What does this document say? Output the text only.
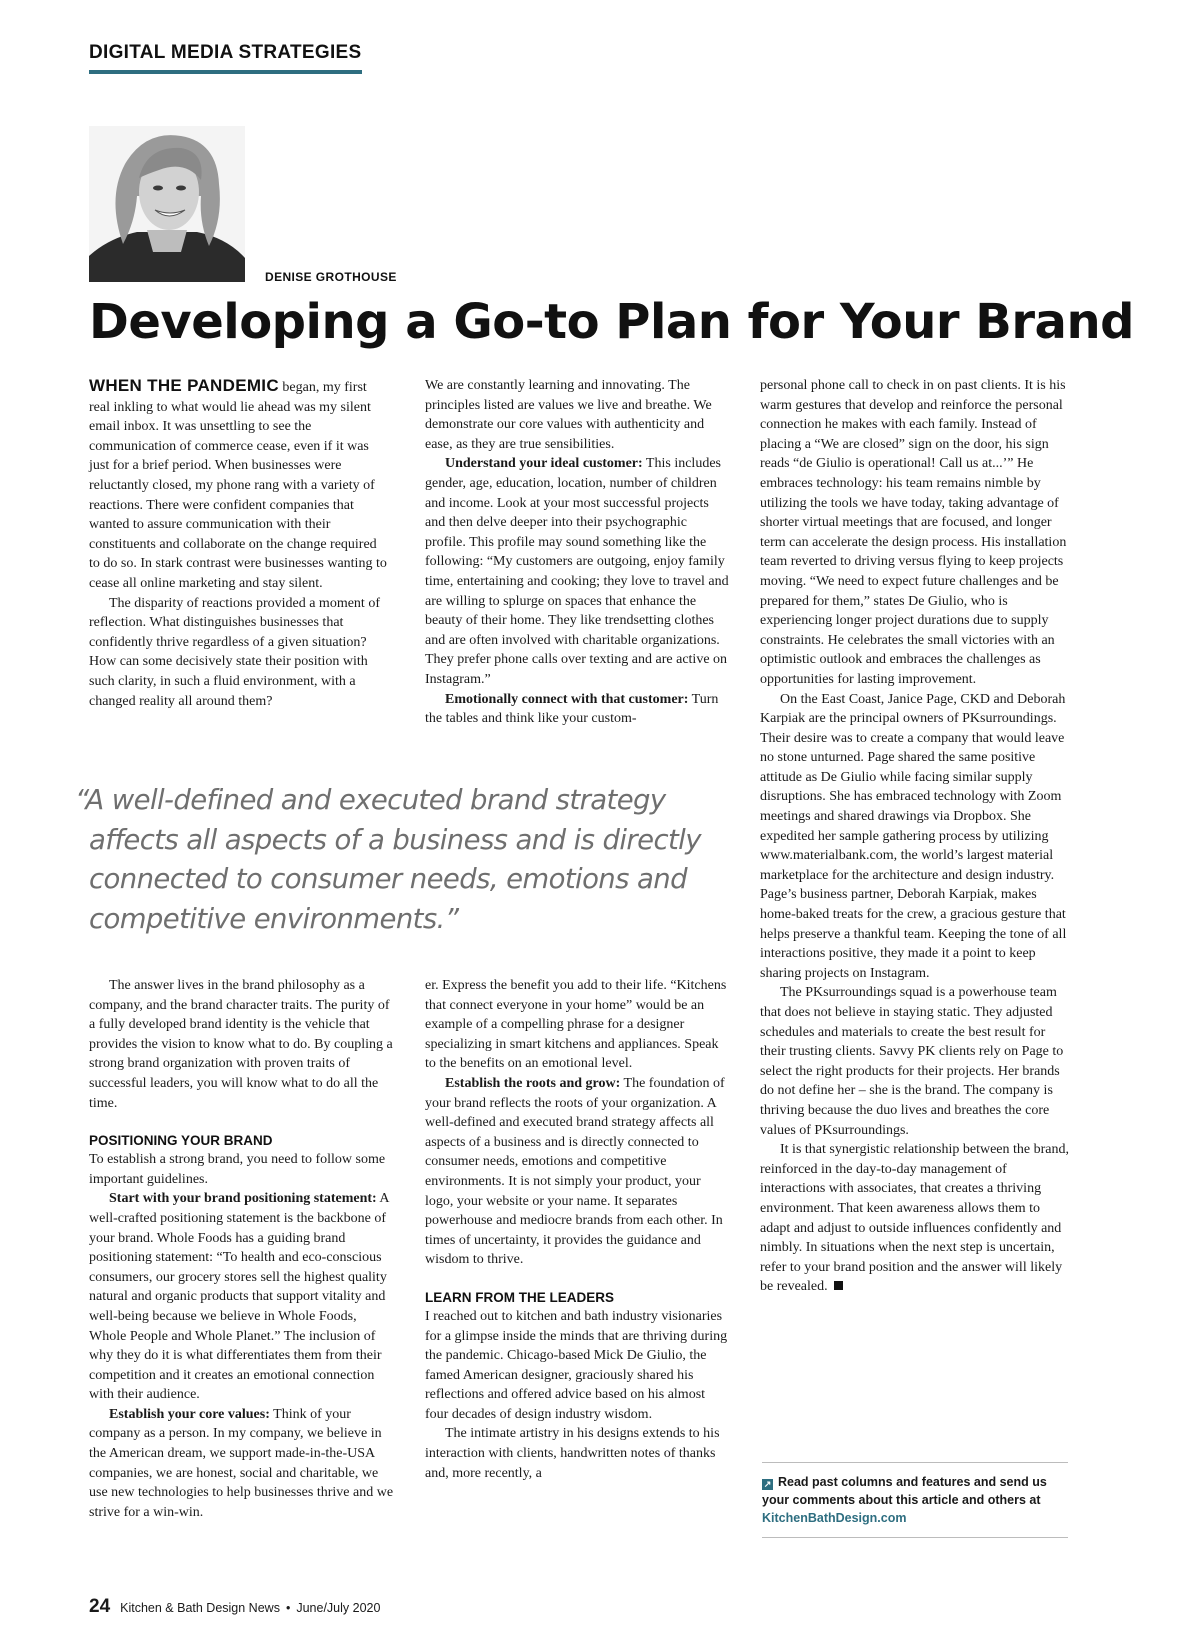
DIGITAL MEDIA STRATEGIES
DENISE GROTHOUSE
Developing a Go-to Plan for Your Brand

WHEN THE PANDEMIC began, my first real inkling to what would lie ahead was my silent email inbox. It was unsettling to see the communication of commerce cease, even if it was just for a brief period. When businesses were reluctantly closed, my phone rang with a variety of reactions. There were confident companies that wanted to assure communication with their constituents and collaborate on the change required to do so. In stark contrast were businesses wanting to cease all online marketing and stay silent.

The disparity of reactions provided a moment of reflection. What distinguishes businesses that confidently thrive regardless of a given situation? How can some decisively state their position with such clarity, in such a fluid environment, with a changed reality all around them?

We are constantly learning and innovating. The principles listed are values we live and breathe. We demonstrate our core values with authenticity and ease, as they are true sensibilities.

Understand your ideal customer: This includes gender, age, education, location, number of children and income. Look at your most successful projects and then delve deeper into their psychographic profile. This profile may sound something like the following: “My customers are outgoing, enjoy family time, entertaining and cooking; they love to travel and are willing to splurge on spaces that enhance the beauty of their home. They like trendsetting clothes and are often involved with charitable organizations. They prefer phone calls over texting and are active on Instagram.”

Emotionally connect with that customer: Turn the tables and think like your custom-

“A well-defined and executed brand strategy affects all aspects of a business and is directly connected to consumer needs, emotions and competitive environments.”

The answer lives in the brand philosophy as a company, and the brand character traits. The purity of a fully developed brand identity is the vehicle that provides the vision to know what to do. By coupling a strong brand organization with proven traits of successful leaders, you will know what to do all the time.

POSITIONING YOUR BRAND

To establish a strong brand, you need to follow some important guidelines.

Start with your brand positioning statement: A well-crafted positioning statement is the backbone of your brand. Whole Foods has a guiding brand positioning statement: “To health and eco-conscious consumers, our grocery stores sell the highest quality natural and organic products that support vitality and well-being because we believe in Whole Foods, Whole People and Whole Planet.” The inclusion of why they do it is what differentiates them from their competition and it creates an emotional connection with their audience.

Establish your core values: Think of your company as a person. In my company, we believe in the American dream, we support made-in-the-USA companies, we are honest, social and charitable, we use new technologies to help businesses thrive and we strive for a win-win.

er. Express the benefit you add to their life. “Kitchens that connect everyone in your home” would be an example of a compelling phrase for a designer specializing in smart kitchens and appliances. Speak to the benefits on an emotional level.

Establish the roots and grow: The foundation of your brand reflects the roots of your organization. A well-defined and executed brand strategy affects all aspects of a business and is directly connected to consumer needs, emotions and competitive environments. It is not simply your product, your logo, your website or your name. It separates powerhouse and mediocre brands from each other. In times of uncertainty, it provides the guidance and wisdom to thrive.

LEARN FROM THE LEADERS

I reached out to kitchen and bath industry visionaries for a glimpse inside the minds that are thriving during the pandemic. Chicago-based Mick De Giulio, the famed American designer, graciously shared his reflections and offered advice based on his almost four decades of design industry wisdom.

The intimate artistry in his designs extends to his interaction with clients, handwritten notes of thanks and, more recently, a

personal phone call to check in on past clients. It is his warm gestures that develop and reinforce the personal connection he makes with each family. Instead of placing a “We are closed” sign on the door, his sign reads “de Giulio is operational! Call us at...’” He embraces technology: his team remains nimble by utilizing the tools we have today, taking advantage of shorter virtual meetings that are focused, and longer term can accelerate the design process. His installation team reverted to driving versus flying to keep projects moving. “We need to expect future challenges and be prepared for them,” states De Giulio, who is experiencing longer project durations due to supply constraints. He celebrates the small victories with an optimistic outlook and embraces the challenges as opportunities for lasting improvement.

On the East Coast, Janice Page, CKD and Deborah Karpiak are the principal owners of PKsurroundings. Their desire was to create a company that would leave no stone unturned. Page shared the same positive attitude as De Giulio while facing similar supply disruptions. She has embraced technology with Zoom meetings and shared drawings via Dropbox. She expedited her sample gathering process by utilizing www.materialbank.com, the world’s largest material marketplace for the architecture and design industry. Page’s business partner, Deborah Karpiak, makes home-baked treats for the crew, a gracious gesture that helps preserve a thankful team. Keeping the tone of all interactions positive, they made it a point to keep sharing projects on Instagram.

The PKsurroundings squad is a powerhouse team that does not believe in staying static. They adjusted schedules and materials to create the best result for their trusting clients. Savvy PK clients rely on Page to select the right products for their projects. Her brands do not define her – she is the brand. The company is thriving because the duo lives and breathes the core values of PKsurroundings.

It is that synergistic relationship between the brand, reinforced in the day-to-day management of interactions with associates, that creates a thriving environment. That keen awareness allows them to adapt and adjust to outside influences confidently and nimbly. In situations when the next step is uncertain, refer to your brand position and the answer will likely be revealed.

↗ Read past columns and features and send us your comments about this article and others at KitchenBathDesign.com
24 Kitchen & Bath Design News • June/July 2020
